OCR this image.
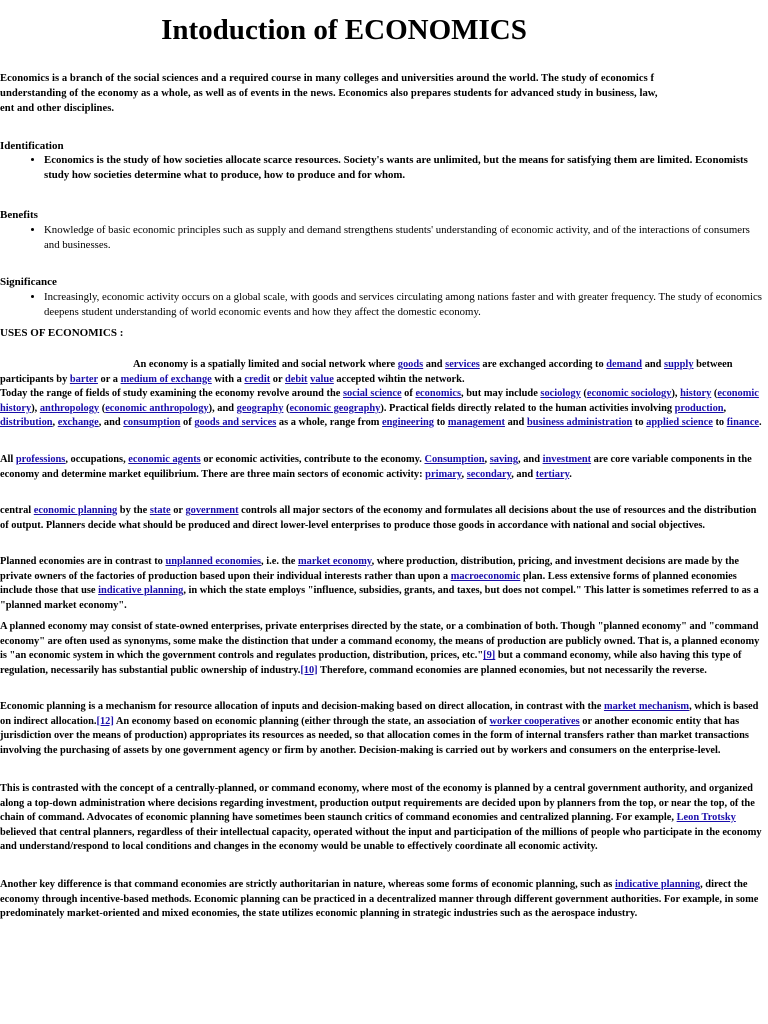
Intoduction of ECONOMICS
Economics is a branch of the social sciences and a required course in many colleges and universities around the world. The study of economics f
understanding of the economy as a whole, as well as of events in the news. Economics also prepares students for advanced study in business, law,
ent and other disciplines.
Identification
• Economics is the study of how societies allocate scarce resources. Society's wants are unlimited, but the means for satisfying them are limited. Economists study how societies determine what to produce, how to produce and for whom.
Benefits
• Knowledge of basic economic principles such as supply and demand strengthens students' understanding of economic activity, and of the interactions of consumers and businesses.
Significance
• Increasingly, economic activity occurs on a global scale, with goods and services circulating among nations faster and with greater frequency. The study of economics deepens student understanding of world economic events and how they affect the domestic economy.
USES OF ECONOMICS :

An economy is a spatially limited and social network where goods and services are exchanged according to demand and supply between participants by barter or a medium of exchange with a credit or debit value accepted wihtin the network.
Today the range of fields of study examining the economy revolve around the social science of economics, but may include sociology (economic sociology), history (economic history), anthropology (economic anthropology), and geography (economic geography). Practical fields directly related to the human activities involving production, distribution, exchange, and consumption of goods and services as a whole, range from engineering to management and business administration to applied science to finance.

All professions, occupations, economic agents or economic activities, contribute to the economy. Consumption, saving, and investment are core variable components in the economy and determine market equilibrium. There are three main sectors of economic activity: primary, secondary, and tertiary.

central economic planning by the state or government controls all major sectors of the economy and formulates all decisions about the use of resources and the distribution of output. Planners decide what should be produced and direct lower-level enterprises to produce those goods in accordance with national and social objectives.

Planned economies are in contrast to unplanned economies, i.e. the market economy, where production, distribution, pricing, and investment decisions are made by the private owners of the factories of production based upon their individual interests rather than upon a macroeconomic plan. Less extensive forms of planned economies include those that use indicative planning, in which the state employs "influence, subsidies, grants, and taxes, but does not compel." This latter is sometimes referred to as a "planned market economy".

A planned economy may consist of state-owned enterprises, private enterprises directed by the state, or a combination of both. Though "planned economy" and "command economy" are often used as synonyms, some make the distinction that under a command economy, the means of production are publicly owned. That is, a planned economy is "an economic system in which the government controls and regulates production, distribution, prices, etc."[9] but a command economy, while also having this type of regulation, necessarily has substantial public ownership of industry.[10] Therefore, command economies are planned economies, but not necessarily the reverse.

Economic planning is a mechanism for resource allocation of inputs and decision-making based on direct allocation, in contrast with the market mechanism, which is based on indirect allocation.[12] An economy based on economic planning (either through the state, an association of worker cooperatives or another economic entity that has jurisdiction over the means of production) appropriates its resources as needed, so that allocation comes in the form of internal transfers rather than market transactions involving the purchasing of assets by one government agency or firm by another. Decision-making is carried out by workers and consumers on the enterprise-level.

This is contrasted with the concept of a centrally-planned, or command economy, where most of the economy is planned by a central government authority, and organized along a top-down administration where decisions regarding investment, production output requirements are decided upon by planners from the top, or near the top, of the chain of command. Advocates of economic planning have sometimes been staunch critics of command economies and centralized planning. For example, Leon Trotsky believed that central planners, regardless of their intellectual capacity, operated without the input and participation of the millions of people who participate in the economy and understand/respond to local conditions and changes in the economy would be unable to effectively coordinate all economic activity.

Another key difference is that command economies are strictly authoritarian in nature, whereas some forms of economic planning, such as indicative planning, direct the economy through incentive-based methods. Economic planning can be practiced in a decentralized manner through different government authorities. For example, in some predominately market-oriented and mixed economies, the state utilizes economic planning in strategic industries such as the aerospace industry.
